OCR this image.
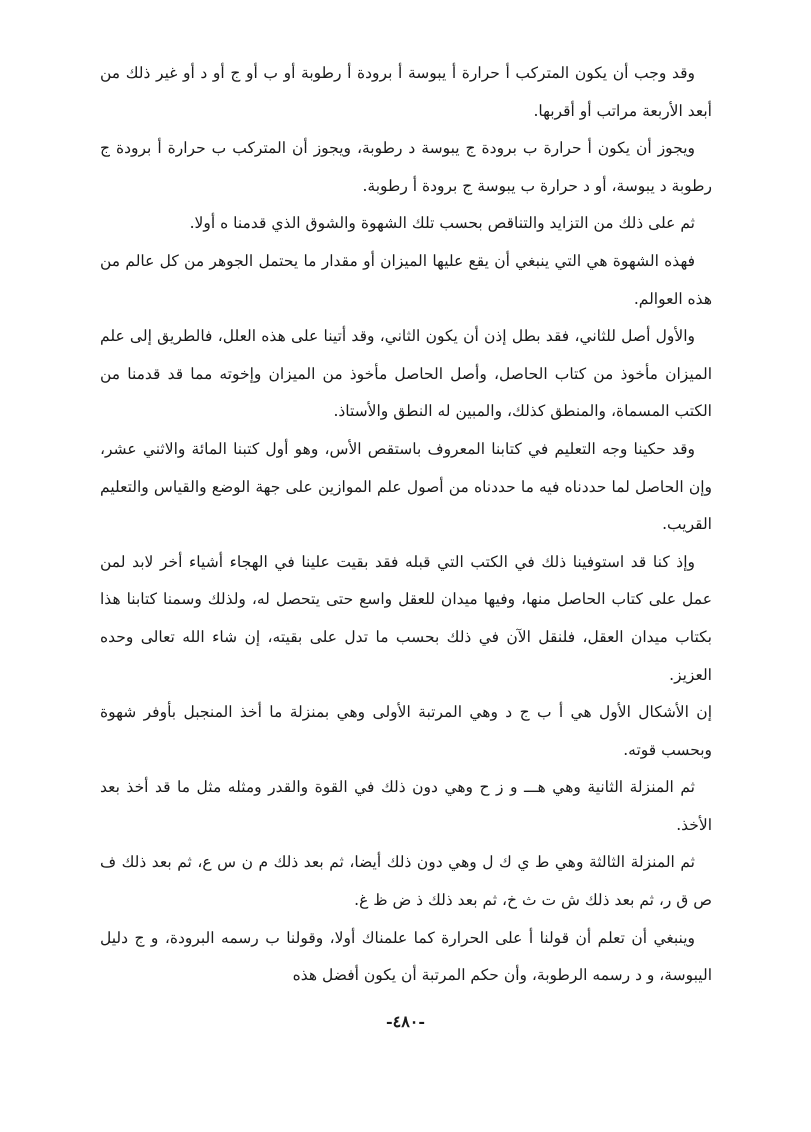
وقد وجب أن يكون المتركب أ حرارة أ يبوسة أ برودة أ رطوبة أو ب أو ج أو د أو غير ذلك من أبعد الأربعة مراتب أو أقربها.

ويجوز أن يكون أ حرارة ب برودة ج يبوسة د رطوبة، ويجوز أن المتركب ب حرارة أ برودة ج رطوبة د يبوسة، أو د حرارة ب يبوسة ج برودة أ رطوبة.

ثم على ذلك من التزايد والتناقص بحسب تلك الشهوة والشوق الذي قدمنا ه أولا.

فهذه الشهوة هي التي ينبغي أن يقع عليها الميزان أو مقدار ما يحتمل الجوهر من كل عالم من هذه العوالم.

والأول أصل للثاني، فقد بطل إذن أن يكون الثاني، وقد أتينا على هذه العلل، فالطريق إلى علم الميزان مأخوذ من كتاب الحاصل، وأصل الحاصل مأخوذ من الميزان وإخوته مما قد قدمنا من الكتب المسماة، والمنطق كذلك، والمبين له النطق والأستاذ.

وقد حكينا وجه التعليم في كتابنا المعروف باستقص الأس، وهو أول كتبنا المائة والاثني عشر، وإن الحاصل لما حددناه فيه ما حددناه من أصول علم الموازين على جهة الوضع والقياس والتعليم القريب.

وإذ كنا قد استوفينا ذلك في الكتب التي قبله فقد بقيت علينا في الهجاء أشياء أخر لابد لمن عمل على كتاب الحاصل منها، وفيها ميدان للعقل واسع حتى يتحصل له، ولذلك وسمنا كتابنا هذا بكتاب ميدان العقل، فلنقل الآن في ذلك بحسب ما تدل على بقيته، إن شاء الله تعالى وحده العزيز.

إن الأشكال الأول هي أ ب ج د وهي المرتبة الأولى وهي بمنزلة ما أخذ المنجبل بأوفر شهوة وبحسب قوته.

ثم المنزلة الثانية وهي هـــ و ز ح وهي دون ذلك في القوة والقدر ومثله مثل ما قد أخذ بعد الأخذ.

ثم المنزلة الثالثة وهي ط ي ك ل وهي دون ذلك أيضا، ثم بعد ذلك م ن س ع، ثم بعد ذلك ف ص ق ر، ثم بعد ذلك ش ت ث خ، ثم بعد ذلك ذ ض ظ غ.

وينبغي أن تعلم أن قولنا أ على الحرارة كما علمناك أولا، وقولنا ب رسمه البرودة، و ج دليل اليبوسة، و د رسمه الرطوبة، وأن حكم المرتبة أن يكون أفضل هذه

-٤٨٠-
